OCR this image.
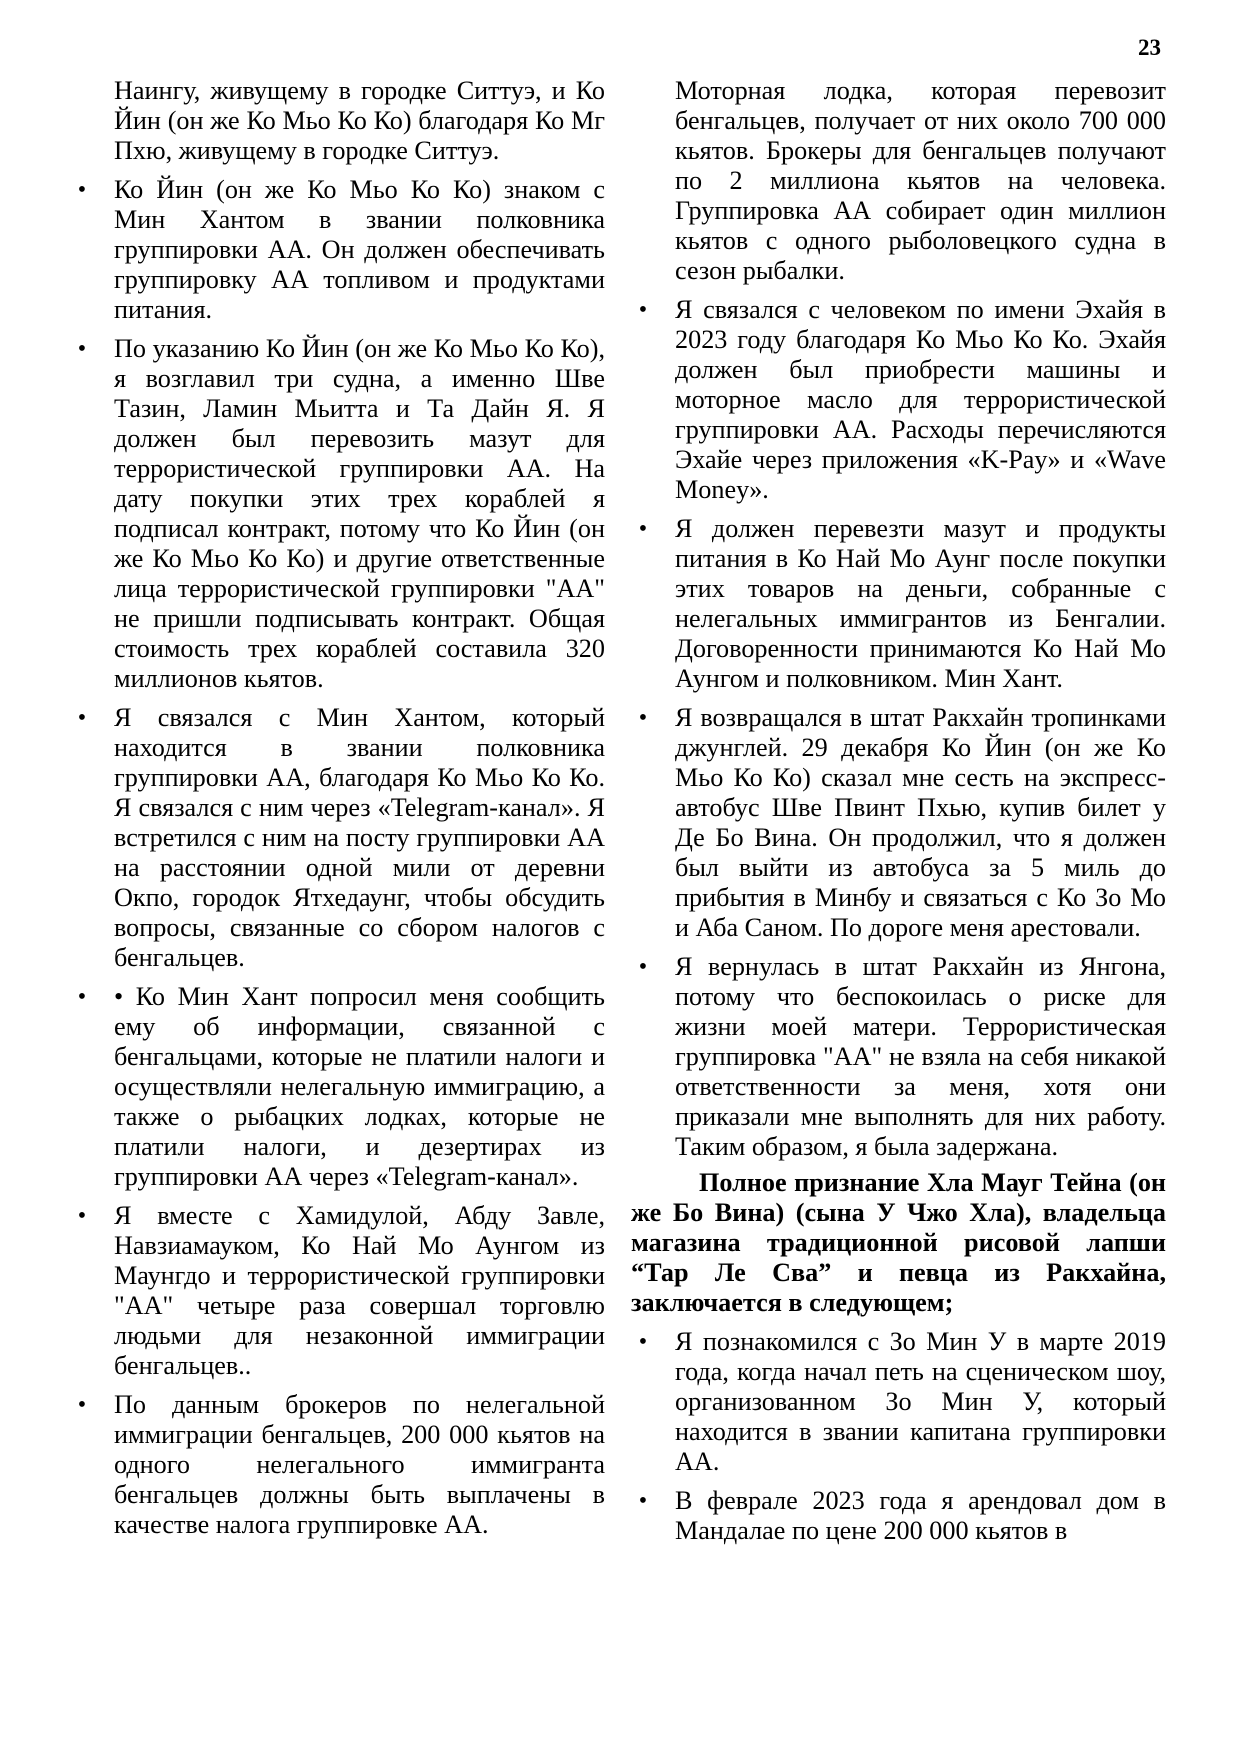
23

Наингу, живущему в городке Ситтуэ, и Ко Йин (он же Ко Мьо Ко Ко) благодаря Ко Мг Пхю, живущему в городке Ситтуэ.

• Ко Йин (он же Ко Мьо Ко Ко) знаком с Мин Хантом в звании полковника группировки АА. Он должен обеспечивать группировку АА топливом и продуктами питания.
• По указанию Ко Йин (он же Ко Мьо Ко Ко), я возглавил три судна, а именно Шве Тазин, Ламин Мьитта и Та Дайн Я. Я должен был перевозить мазут для террористической группировки АА. На дату покупки этих трех кораблей я подписал контракт, потому что Ко Йин (он же Ко Мьо Ко Ко) и другие ответственные лица террористической группировки "АА" не пришли подписывать контракт. Общая стоимость трех кораблей составила 320 миллионов кьятов.
• Я связался с Мин Хантом, который находится в звании полковника группировки АА, благодаря Ко Мьо Ко Ко. Я связался с ним через «Telegram-канал». Я встретился с ним на посту группировки АА на расстоянии одной мили от деревни Окпо, городок Ятхедаунг, чтобы обсудить вопросы, связанные со сбором налогов с бенгальцев.
• • Ко Мин Хант попросил меня сообщить ему об информации, связанной с бенгальцами, которые не платили налоги и осуществляли нелегальную иммиграцию, а также о рыбацких лодках, которые не платили налоги, и дезертирах из группировки АА через «Telegram-канал».
• Я вместе с Хамидулой, Абду Завле, Навзиамауком, Ко Най Мо Аунгом из Маунгдо и террористической группировки "АА" четыре раза совершал торговлю людьми для незаконной иммиграции бенгальцев..
• По данным брокеров по нелегальной иммиграции бенгальцев, 200 000 кьятов на одного нелегального иммигранта бенгальцев должны быть выплачены в качестве налога группировке АА.

Моторная лодка, которая перевозит бенгальцев, получает от них около 700 000 кьятов. Брокеры для бенгальцев получают по 2 миллиона кьятов на человека. Группировка АА собирает один миллион кьятов с одного рыболовецкого судна в сезон рыбалки.

• Я связался с человеком по имени Эхайя в 2023 году благодаря Ко Мьо Ко Ко. Эхайя должен был приобрести машины и моторное масло для террористической группировки АА. Расходы перечисляются Эхайе через приложения «K-Pay» и «Wave Money».
• Я должен перевезти мазут и продукты питания в Ко Най Мо Аунг после покупки этих товаров на деньги, собранные с нелегальных иммигрантов из Бенгалии. Договоренности принимаются Ко Най Мо Аунгом и полковником. Мин Хант.
• Я возвращался в штат Ракхайн тропинками джунглей. 29 декабря Ко Йин (он же Ко Мьо Ко Ко) сказал мне сесть на экспресс-автобус Шве Пвинт Пхью, купив билет у Де Бо Вина. Он продолжил, что я должен был выйти из автобуса за 5 миль до прибытия в Минбу и связаться с Ко Зо Мо и Аба Саном. По дороге меня арестовали.
• Я вернулась в штат Ракхайн из Янгона, потому что беспокоилась о риске для жизни моей матери. Террористическая группировка "АА" не взяла на себя никакой ответственности за меня, хотя они приказали мне выполнять для них работу. Таким образом, я была задержана.

Полное признание Хла Мауг Тейна (он же Бо Вина) (сына У Чжо Хла), владельца магазина традиционной рисовой лапши “Тар Ле Сва” и певца из Ракхайна, заключается в следующем;

• Я познакомился с Зо Мин У в марте 2019 года, когда начал петь на сценическом шоу, организованном Зо Мин У, который находится в звании капитана группировки АА.
• В феврале 2023 года я арендовал дом в Мандалае по цене 200 000 кьятов в
